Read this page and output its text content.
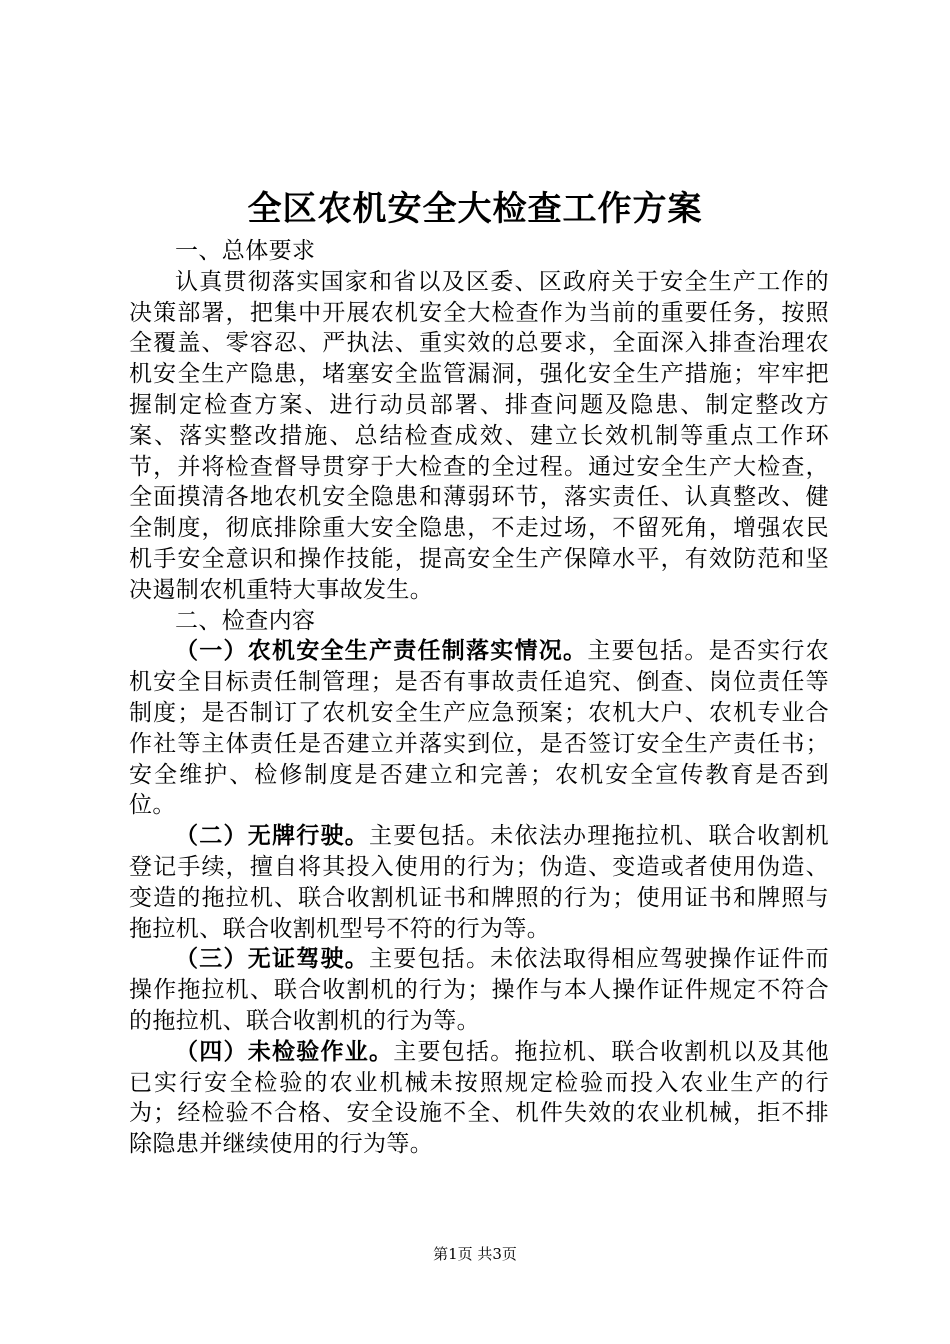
全区农机安全大检查工作方案

一、总体要求

认真贯彻落实国家和省以及区委、区政府关于安全生产工作的决策部署，把集中开展农机安全大检查作为当前的重要任务，按照全覆盖、零容忍、严执法、重实效的总要求，全面深入排查治理农机安全生产隐患，堵塞安全监管漏洞，强化安全生产措施；牢牢把握制定检查方案、进行动员部署、排查问题及隐患、制定整改方案、落实整改措施、总结检查成效、建立长效机制等重点工作环节，并将检查督导贯穿于大检查的全过程。通过安全生产大检查，全面摸清各地农机安全隐患和薄弱环节，落实责任、认真整改、健全制度，彻底排除重大安全隐患，不走过场，不留死角，增强农民机手安全意识和操作技能，提高安全生产保障水平，有效防范和坚决遏制农机重特大事故发生。

二、检查内容

（一）农机安全生产责任制落实情况。主要包括。是否实行农机安全目标责任制管理；是否有事故责任追究、倒查、岗位责任等制度；是否制订了农机安全生产应急预案；农机大户、农机专业合作社等主体责任是否建立并落实到位，是否签订安全生产责任书；安全维护、检修制度是否建立和完善；农机安全宣传教育是否到位。

（二）无牌行驶。主要包括。未依法办理拖拉机、联合收割机登记手续，擅自将其投入使用的行为；伪造、变造或者使用伪造、变造的拖拉机、联合收割机证书和牌照的行为；使用证书和牌照与拖拉机、联合收割机型号不符的行为等。

（三）无证驾驶。主要包括。未依法取得相应驾驶操作证件而操作拖拉机、联合收割机的行为；操作与本人操作证件规定不符合的拖拉机、联合收割机的行为等。

（四）未检验作业。主要包括。拖拉机、联合收割机以及其他已实行安全检验的农业机械未按照规定检验而投入农业生产的行为；经检验不合格、安全设施不全、机件失效的农业机械，拒不排除隐患并继续使用的行为等。

第1页 共3页
